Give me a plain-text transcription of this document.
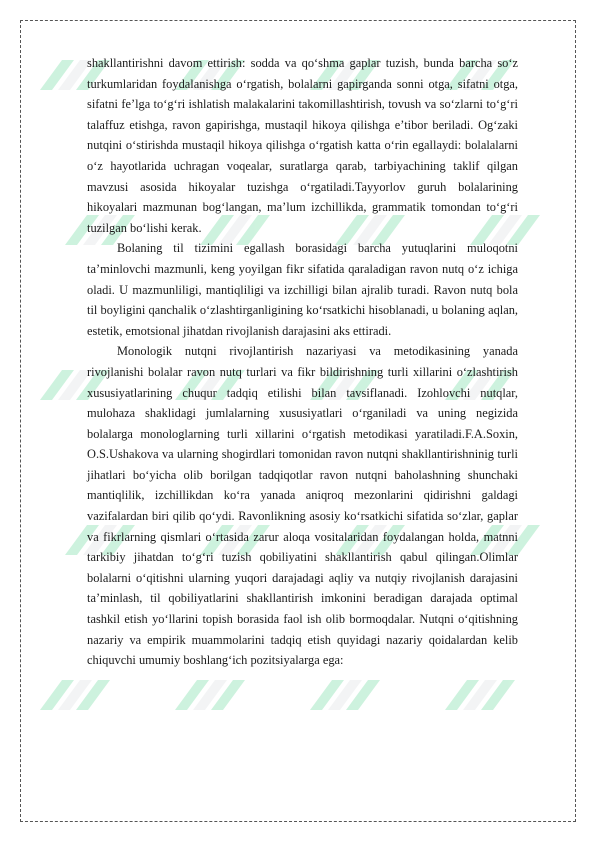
shakllantirishni davom ettirish: sodda va qo‘shma gaplar tuzish, bunda barcha so‘z turkumlaridan foydalanishga o‘rgatish, bolalarni gapirganda sonni otga, sifatni otga, sifatni fe’lga to‘g‘ri ishlatish malakalarini takomillashtirish, tovush va so‘zlarni to‘g‘ri talaffuz etishga, ravon gapirishga, mustaqil hikoya qilishga e’tibor beriladi. Og‘zaki nutqini o‘stirishda mustaqil hikoya qilishga o‘rgatish katta o‘rin egallaydi: bolalalarni o‘z hayotlarida uchragan voqealar, suratlarga qarab, tarbiyachining taklif qilgan mavzusi asosida hikoyalar tuzishga o‘rgatiladi.Tayyorlov guruh bolalarining hikoyalari mazmunan bog‘langan, ma’lum izchillikda, grammatik tomondan to‘g‘ri tuzilgan bo‘lishi kerak.

Bolaning til tizimini egallash borasidagi barcha yutuqlarini muloqotni ta’minlovchi mazmunli, keng yoyilgan fikr sifatida qaraladigan ravon nutq o‘z ichiga oladi. U mazmunliligi, mantiqliligi va izchilligi bilan ajralib turadi. Ravon nutq bola til boyligini qanchalik o‘zlashtirganligining ko‘rsatkichi hisoblanadi, u bolaning aqlan, estetik, emotsional jihatdan rivojlanish darajasini aks ettiradi.

Monologik nutqni rivojlantirish nazariyasi va metodikasining yanada rivojlanishi bolalar ravon nutq turlari va fikr bildirishning turli xillarini o‘zlashtirish xususiyatlarining chuqur tadqiq etilishi bilan tavsiflanadi. Izohlovchi nutqlar, mulohaza shaklidagi jumlalarning xususiyatlari o‘rganiladi va uning negizida bolalarga monologlarning turli xillarini o‘rgatish metodikasi yaratiladi.F.A.Soxin, O.S.Ushakova va ularning shogirdlari tomonidan ravon nutqni shakllantirishninig turli jihatlari bo‘yicha olib borilgan tadqiqotlar ravon nutqni baholashning shunchaki mantiqlilik, izchillikdan ko‘ra yanada aniqroq mezonlarini qidirishni galdagi vazifalardan biri qilib qo‘ydi. Ravonlikning asosiy ko‘rsatkichi sifatida so‘zlar, gaplar va fikrlarning qismlari o‘rtasida zarur aloqa vositalaridan foydalangan holda, matnni tarkibiy jihatdan to‘g‘ri tuzish qobiliyatini shakllantirish qabul qilingan.Olimlar bolalarni o‘qitishni ularning yuqori darajadagi aqliy va nutqiy rivojlanish darajasini ta’minlash, til qobiliyatlarini shakllantirish imkonini beradigan darajada optimal tashkil etish yo‘llarini topish borasida faol ish olib bormoqdalar. Nutqni o‘qitishning nazariy va empirik muammolarini tadqiq etish quyidagi nazariy qoidalardan kelib chiquvchi umumiy boshlang‘ich pozitsiyalarga ega:
